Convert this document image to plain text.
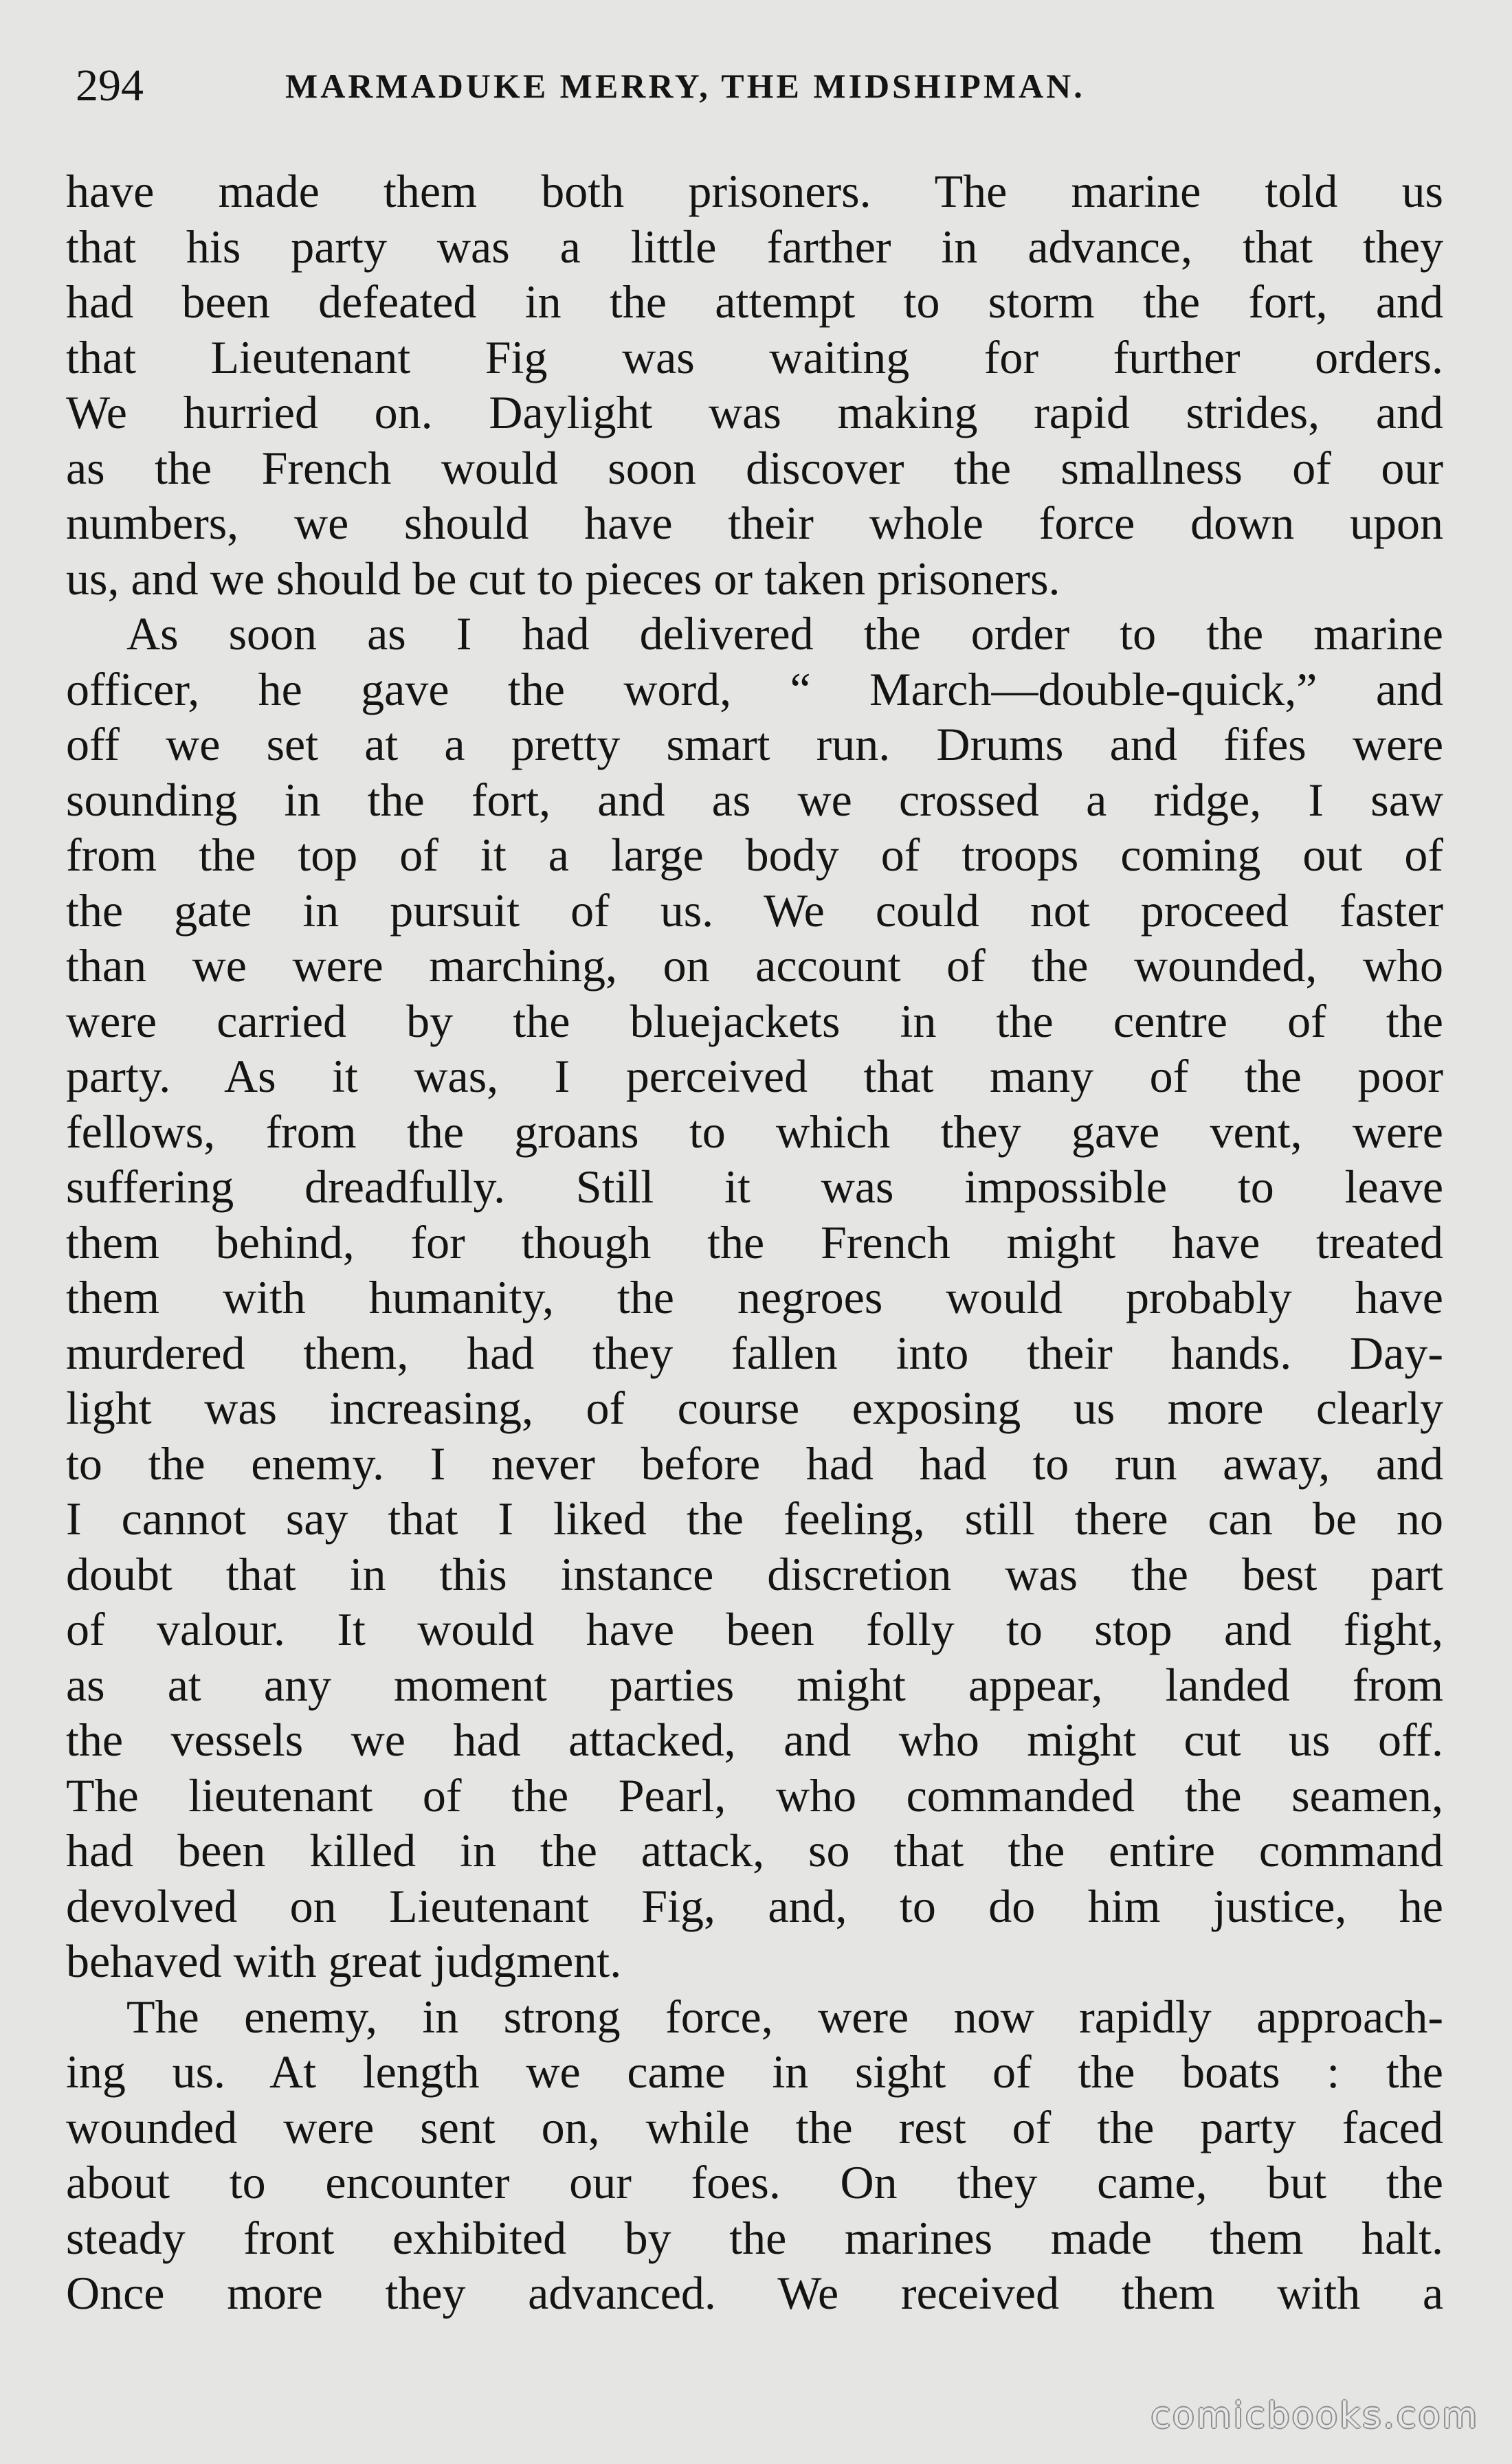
294	MARMADUKE MERRY, THE MIDSHIPMAN.
have made them both prisoners. The marine told us
that his party was a little farther in advance, that they
had been defeated in the attempt to storm the fort, and
that Lieutenant Fig was waiting for further orders.
We hurried on. Daylight was making rapid strides, and
as the French would soon discover the smallness of our
numbers, we should have their whole force down upon
us, and we should be cut to pieces or taken prisoners.
As soon as I had delivered the order to the marine
officer, he gave the word, “ March—double-quick,” and
off we set at a pretty smart run. Drums and fifes were
sounding in the fort, and as we crossed a ridge, I saw
from the top of it a large body of troops coming out of
the gate in pursuit of us. We could not proceed faster
than we were marching, on account of the wounded, who
were carried by the bluejackets in the centre of the
party. As it was, I perceived that many of the poor
fellows, from the groans to which they gave vent, were
suffering dreadfully. Still it was impossible to leave
them behind, for though the French might have treated
them with humanity, the negroes would probably have
murdered them, had they fallen into their hands. Day-
light was increasing, of course exposing us more clearly
to the enemy. I never before had had to run away, and
I cannot say that I liked the feeling, still there can be no
doubt that in this instance discretion was the best part
of valour. It would have been folly to stop and fight,
as at any moment parties might appear, landed from
the vessels we had attacked, and who might cut us off.
The lieutenant of the Pearl, who commanded the seamen,
had been killed in the attack, so that the entire command
devolved on Lieutenant Fig, and, to do him justice, he
behaved with great judgment.
The enemy, in strong force, were now rapidly approach-
ing us. At length we came in sight of the boats : the
wounded were sent on, while the rest of the party faced
about to encounter our foes. On they came, but the
steady front exhibited by the marines made them halt.
Once more they advanced. We received them with a
comicbooks.com
